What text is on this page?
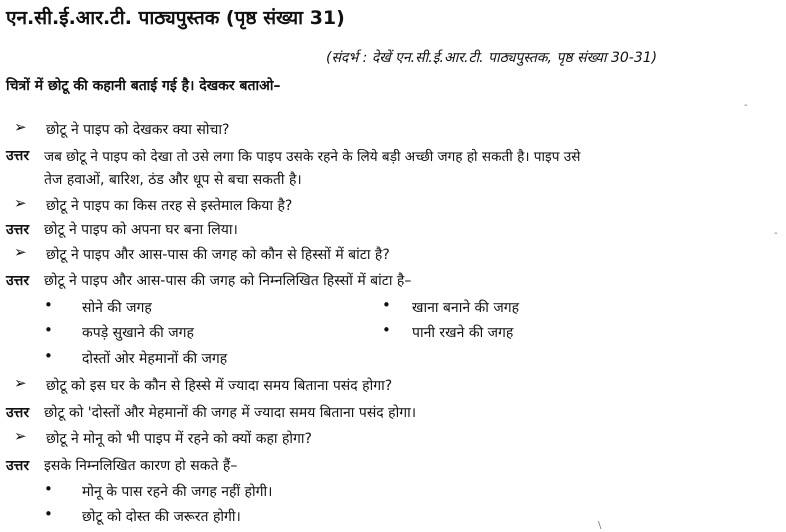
एन.सी.ई.आर.टी. पाठ्यपुस्तक (पृष्ठ संख्या 31)
(संदर्भ : देखें एन.सी.ई.आर.टी. पाठ्यपुस्तक, पृष्ठ संख्या 30-31)
चित्रों में छोटू की कहानी बताई गई है। देखकर बताओ–
➢ छोटू ने पाइप को देखकर क्या सोचा?
उत्तर जब छोटू ने पाइप को देखा तो उसे लगा कि पाइप उसके रहने के लिये बड़ी अच्छी जगह हो सकती है। पाइप उसे
तेज हवाओं, बारिश, ठंड और धूप से बचा सकती है।
➢ छोटू ने पाइप का किस तरह से इस्तेमाल किया है?
उत्तर छोटू ने पाइप को अपना घर बना लिया।
➢ छोटू ने पाइप और आस-पास की जगह को कौन से हिस्सों में बांटा है?
उत्तर छोटू ने पाइप और आस-पास की जगह को निम्नलिखित हिस्सों में बांटा है–
• सोने की जगह	• खाना बनाने की जगह
• कपड़े सुखाने की जगह	• पानी रखने की जगह
• दोस्तों ओर मेहमानों की जगह
➢ छोटू को इस घर के कौन से हिस्से में ज्यादा समय बिताना पसंद होगा?
उत्तर छोटू को 'दोस्तों और मेहमानों की जगह में ज्यादा समय बिताना पसंद होगा।
➢ छोटू ने मोनू को भी पाइप में रहने को क्यों कहा होगा?
उत्तर इसके निम्नलिखित कारण हो सकते हैं–
• मोनू के पास रहने की जगह नहीं होगी।
• छोटू को दोस्त की जरूरत होगी।
-
-
\
